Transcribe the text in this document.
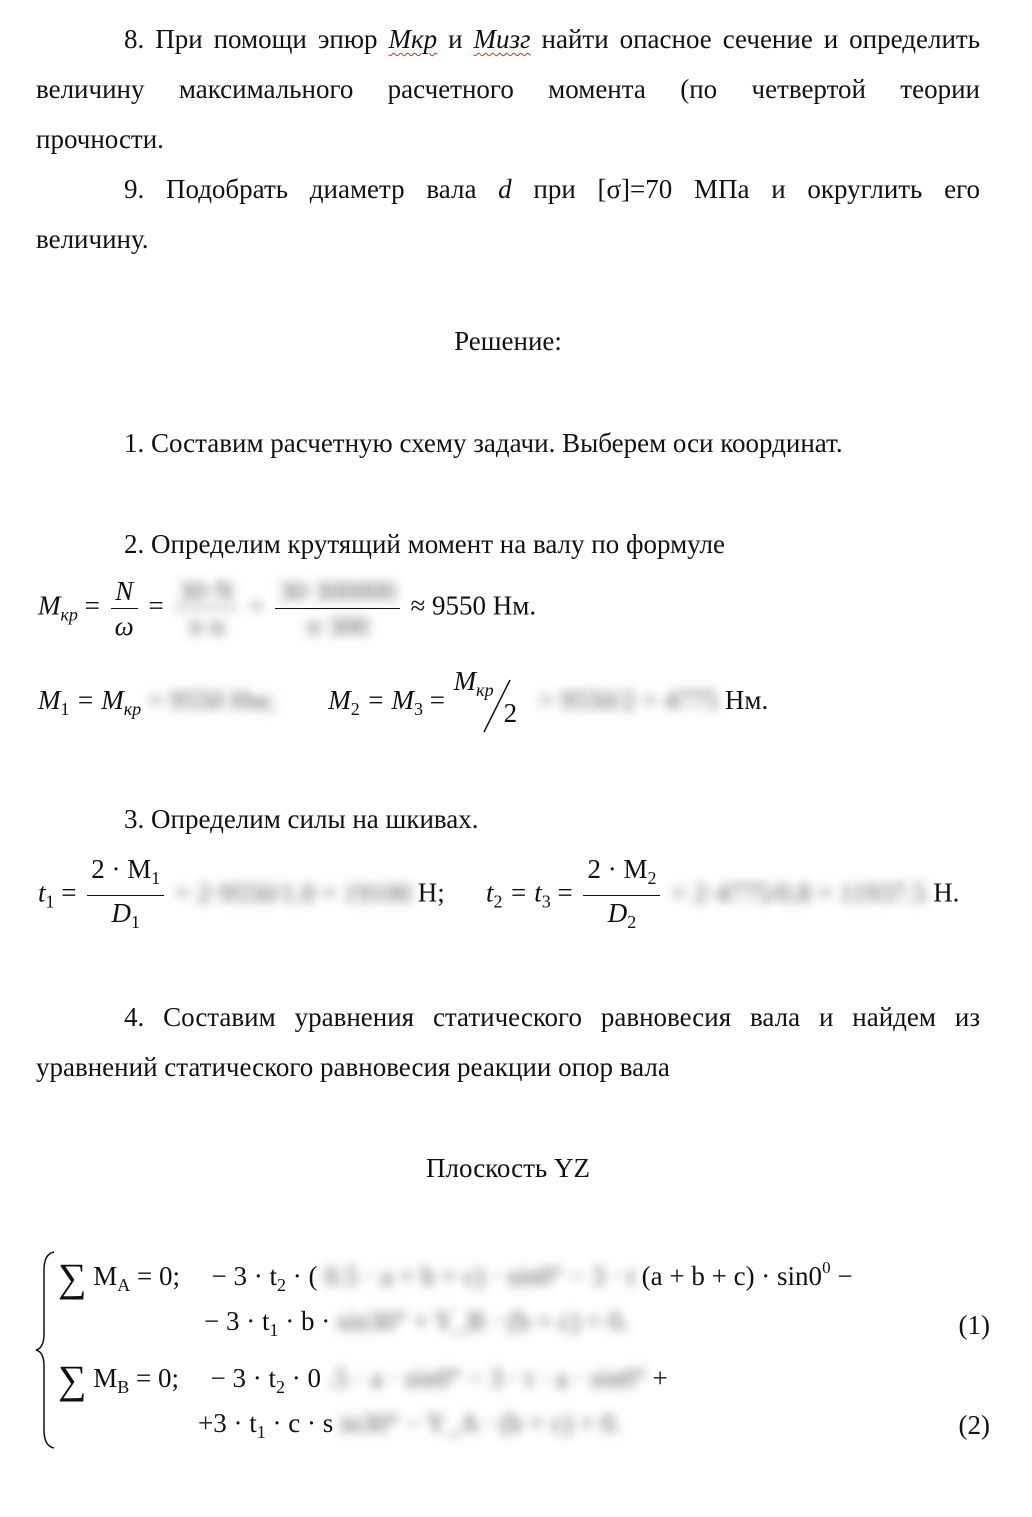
8. При помощи эпюр Мкр и Мизг найти опасное сечение и определить
величину максимального расчетного момента (по четвертой теории
прочности.
9. Подобрать диаметр вала d при [σ]=70 МПа и округлить его
величину.
Решение:
1. Составим расчетную схему задачи. Выберем оси координат.
2. Определим крутящий момент на валу по формуле
$M_{кр} = \frac{N}{\omega} = \frac{30\cdot N}{\pi\cdot n} = \frac{30\cdot 300000}{\pi\cdot 300} \approx 9550$ Нм.
$M_1 = M_{кр} = 9550$ Нм; $M_2 = M_3$ =
$M_{кр}$
2 = 9550/2 = 4775 Нм.
3. Определим силы на шкивах.
$t_1 = \frac{2 \cdot M_1}{D_1} = 2\cdot 9550/1.0 = 19100$ Н; $t_2 = t_3 = \frac{2 \cdot M_2}{D_2} = 2\cdot 4775/0.8 = 11937.5$ Н.
4. Составим уравнения статического равновесия вала и найдем из
уравнений статического равновесия реакции опор вала
Плоскость YZ
∑ $M_A = 0$; − $3 \cdot t_2$ · ( 0.5 · a + b + c) · sin0° − 3 · t $(a + b + c) \cdot \sin 0^0$ −
− $3 \cdot t_1 \cdot b \cdot \sin 30^\circ$ + Y_B · (b + c) = 0.	(1)
∑ $M_B = 0$; − $3 \cdot t_2 \cdot 0$ .5 · a · sin0° − 3 · t · a · sin0° +
$+3 \cdot t_1 \cdot c \cdot s$ in30° − Y_A · (b + c) = 0.	(2)
